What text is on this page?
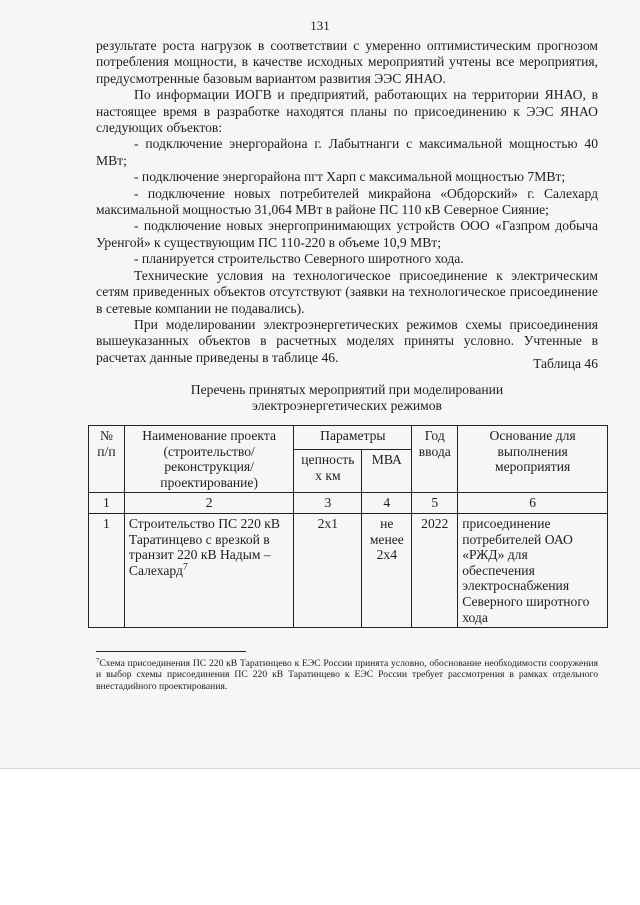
131

результате роста нагрузок в соответствии с умеренно оптимистическим прогнозом потребления мощности, в качестве исходных мероприятий учтены все мероприятия, предусмотренные базовым вариантом развития ЭЭС ЯНАО.

По информации ИОГВ и предприятий, работающих на территории ЯНАО, в настоящее время в разработке находятся планы по присоединению к ЭЭС ЯНАО следующих объектов:

- подключение энергорайона г. Лабытнанги с максимальной мощностью 40 МВт;

- подключение энергорайона пгт Харп с максимальной мощностью 7МВт;

- подключение новых потребителей микрайона «Обдорский» г. Салехард максимальной мощностью 31,064 МВт в районе ПС 110 кВ Северное Сияние;

- подключение новых энергопринимающих устройств ООО «Газпром добыча Уренгой» к существующим ПС 110-220 в объеме 10,9 МВт;

- планируется строительство Северного широтного хода.

Технические условия на технологическое присоединение к электрическим сетям приведенных объектов отсутствуют (заявки на технологическое присоединение в сетевые компании не подавались).

При моделировании электроэнергетических режимов схемы присоединения вышеуказанных объектов в расчетных моделях приняты условно. Учтенные в расчетах данные приведены в таблице 46.	Таблица 46
Перечень принятых мероприятий при моделировании
электроэнергетических режимов
№ п/п	Наименование проекта (строительство/ реконструкция/ проектирование)	Параметры		Год ввода	Основание для выполнения мероприятия
		цепность х км	МВА		
1	2	3	4	5	6
1	Строительство ПС 220 кВ Таратинцево с врезкой в транзит 220 кВ Надым – Салехард$^7$	2х1	не менее 2х4	2022	присоединение потребителей ОАО «РЖД» для обеспечения электроснабжения Северного широтного хода
$^7$Схема присоединения ПС 220 кВ Таратинцево к ЕЭС России принята условно, обоснование необходимости сооружения и выбор схемы присоединения ПС 220 кВ Таратинцево к ЕЭС России требует рассмотрения в рамках отдельного внестадийного проектирования.
